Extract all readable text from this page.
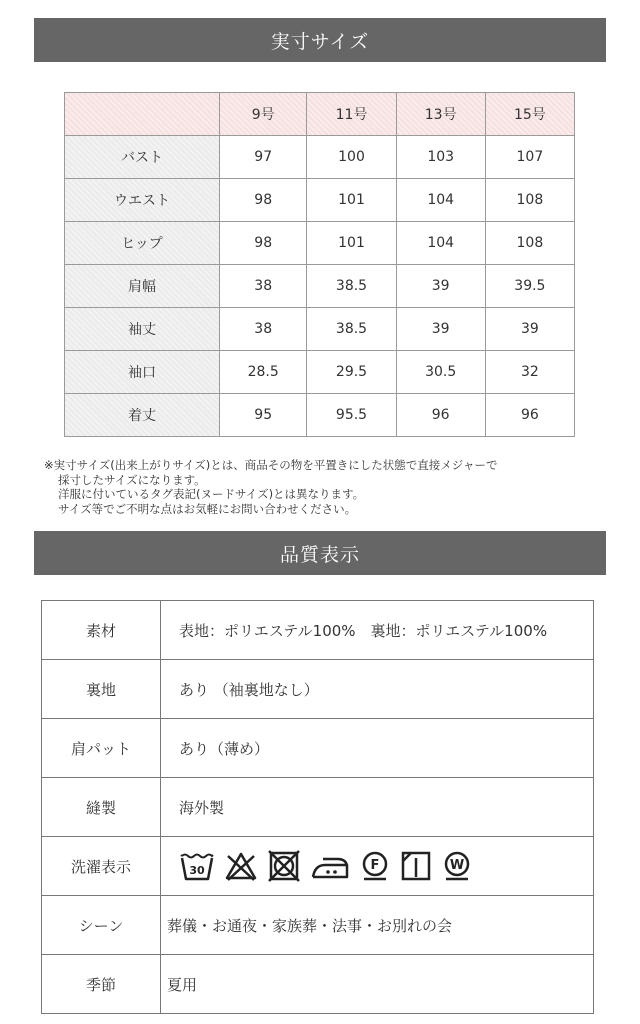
実寸サイズ
	9号	11号	13号	15号
バスト	97	100	103	107
ウエスト	98	101	104	108
ヒップ	98	101	104	108
肩幅	38	38.5	39	39.5
袖丈	38	38.5	39	39
袖口	28.5	29.5	30.5	32
着丈	95	95.5	96	96

※実寸サイズ(出来上がりサイズ)とは、商品その物を平置きにした状態で直接メジャーで

採寸したサイズになります。

洋服に付いているタグ表記(ヌードサイズ)とは異なります。

サイズ等でご不明な点はお気軽にお問い合わせください。

品質表示
素材	表地：ポリエステル100%　裏地：ポリエステル100%
裏地	あり （袖裏地なし）
肩パット	あり（薄め）
縫製	海外製
洗濯表示	30 F W

シーン	葬儀・お通夜・家族葬・法事・お別れの会
季節	夏用
